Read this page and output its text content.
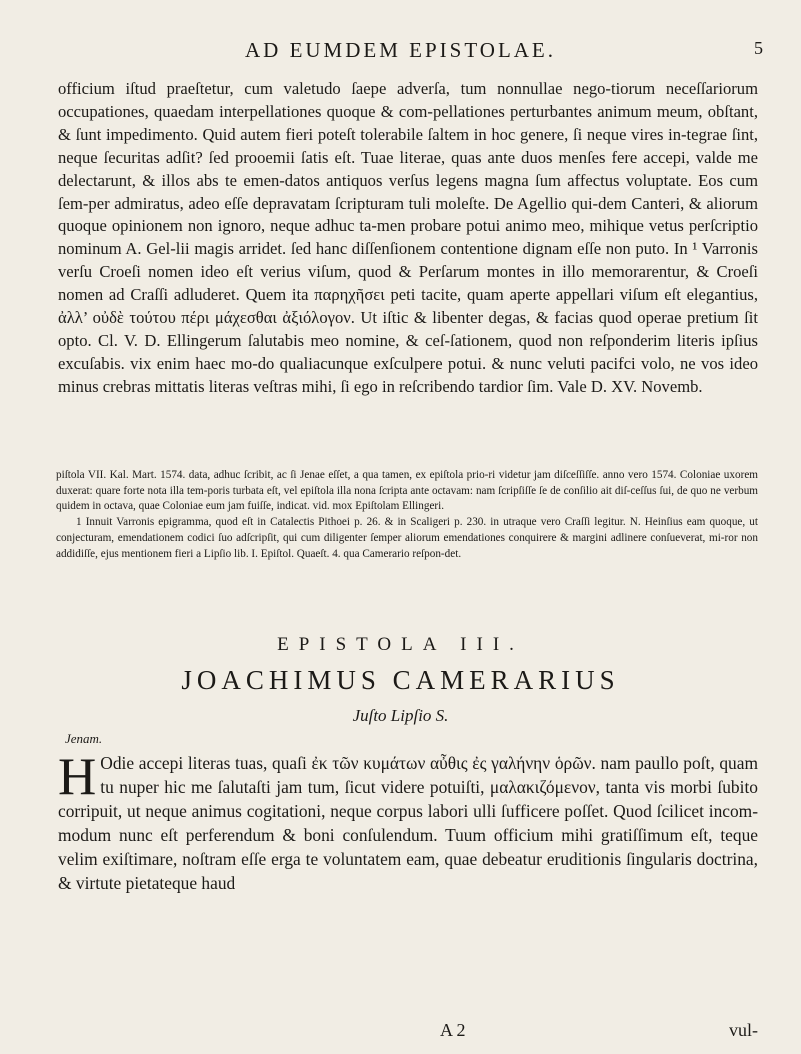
AD EUMDEM EPISTOLAE.	5

officium iſtud praeſtetur, cum valetudo ſaepe adverſa, tum nonnullae nego-tiorum neceſſariorum occupationes, quaedam interpellationes quoque & com-pellationes perturbantes animum meum, obſtant, & ſunt impedimento. Quid autem fieri poteſt tolerabile ſaltem in hoc genere, ſi neque vires in-tegrae ſint, neque ſecuritas adſit? ſed prooemii ſatis eſt. Tuae literae, quas ante duos menſes fere accepi, valde me delectarunt, & illos abs te emen-datos antiquos verſus legens magna ſum affectus voluptate. Eos cum ſem-per admiratus, adeo eſſe depravatam ſcripturam tuli moleſte. De Agellio qui-dem Canteri, & aliorum quoque opinionem non ignoro, neque adhuc ta-men probare potui animo meo, mihique vetus perſcriptio nominum A. Gel-lii magis arridet. ſed hanc diſſenſionem contentione dignam eſſe non puto. In ¹ Varronis verſu Croeſi nomen ideo eſt verius viſum, quod & Perſarum montes in illo memorarentur, & Croeſi nomen ad Craſſi adluderet. Quem ita παρηχῆσει peti tacite, quam aperte appellari viſum eſt elegantius, ἀλλ’ οὐδὲ τούτου πέρι μάχεσθαι ἀξιόλογον. Ut iſtic & libenter degas, & facias quod operae pretium ſit opto. Cl. V. D. Ellingerum ſalutabis meo nomine, & ceſ-ſationem, quod non reſponderim literis ipſius excuſabis. vix enim haec mo-do qualiacunque exſculpere potui. & nunc veluti pacifci volo, ne vos ideo minus crebras mittatis literas veſtras mihi, ſi ego in reſcribendo tardior ſim. Vale D. XV. Novemb.

piſtola VII. Kal. Mart. 1574. data, adhuc ſcribit, ac ſi Jenae eſſet, a qua tamen, ex epiſtola prio-ri videtur jam diſceſſiſſe. anno vero 1574. Coloniae uxorem duxerat: quare forte nota illa tem-poris turbata eſt, vel epiſtola illa nona ſcripta ante octavam: nam ſcripſiſſe ſe de conſilio ait diſ-ceſſus ſui, de quo ne verbum quidem in octava, quae Coloniae eum jam fuiſſe, indicat. vid. mox Epiſtolam Ellingeri.

1 Innuit Varronis epigramma, quod eſt in Catalectis Pithoei p. 26. & in Scaligeri p. 230. in utraque vero Craſſi legitur. N. Heinſius eam quoque, ut conjecturam, emendationem codici ſuo adſcripſit, qui cum diligenter ſemper aliorum emendationes conquirere & margini adlinere conſueverat, mi-ror non addidiſſe, ejus mentionem fieri a Lipſio lib. I. Epiſtol. Quaeſt. 4. qua Camerario reſpon-det.

EPISTOLA III.
JOACHIMUS CAMERARIUS
Juſto Lipſio S.
Jenam.
H Odie accepi literas tuas, quaſi ἐκ τῶν κυμάτων αὖθις ἐς γαλήνην ὁρῶν. nam paullo poſt, quam tu nuper hic me ſalutaſti jam tum, ſicut videre potuiſti, μαλακιζόμενον, tanta vis morbi ſubito corripuit, ut neque animus cogitationi, neque corpus labori ulli ſufficere poſſet. Quod ſcilicet incom-modum nunc eſt perferendum & boni conſulendum. Tuum officium mihi gratiſſimum eſt, teque velim exiſtimare, noſtram eſſe erga te voluntatem eam, quae debeatur eruditionis ſingularis doctrina, & virtute pietateque haud

A 2	vul-
